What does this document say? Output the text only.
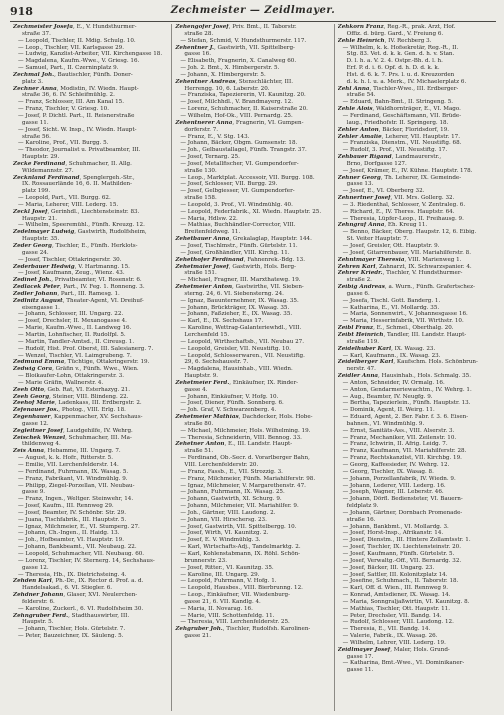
918	Zechmeister — Zeidlmayer.
Zechmeister Josefa, E., V. Hundsthurmer-
straße 37.
— Leopold, Tischler, II. Mdig. Schulg. 10.
— Leop., Tischler, VII. Karlsgasse 29.
— Ludwig, Kanzlist-Arbeiter, VII. Kirchengasse 18.
— Magdalena, Kaufm.-Wwe., V. Griesg. 16.
— Samuel, Part., II. Czerninplatz 9.
Zechmal Joh., Bautischler, Fünfh. Doner-
platz 3.
Zechner Anna, Modistin, IV. Wiedn. Haupt-
straße 36, 6. IV. Schleifmühlg. 2.
— Franz, Schlosser, III. Am Kanal 15.
— Franz, Tischler, V. Griesg. 10.
— Josef, P. Dichtl. Part., II. Reisnerstraße
gasse 11.
— Josef, Sicht. W. Insp., IV. Wiedn. Haupt-
straße 56.
— Karoline, Prof., VII. Burgg. 5.
— Theodor, Journalist u. Privatbeamter, III.
Hauptstr. 29.
Zecke Ferdinand, Schuhmacher, II. Allg.
Wildemannstr. 27.
Zecknland Ferdinand, Spenglergeh.-Str.,
IX. Rossauerlände 16, 6. II. Mathilden-
platz 199.
— Leopold, Part., VII. Burgg. 62.
— Maria, Leherer, VIII. Lederg. 15.
Zeckl Josef, Gerinhdl., Liechtensteinstr. 83.
Haupstr. 21.
— Wilhelm, Speeremühl., Fünfh. Kreuzg. 12.
Zedelmayer Ludwig, Gastwirth, Rudolfsheim,
Hauptstr. 35.
Zeder Georg, Tischler, E., Fünfh. Herklots-
gasse 24.
— Josef, Tischler, Ottakringerstr. 30.
Zederbauer Hedwig, V. Hartmanng. 15.
— Josef, Kaufmann, Zeug., Wienz. 43.
Zedinet Joh., Privatbeamter, VI. Rosenstr. 6.
Zedlacek Peter, Part., IV. Feg. 1. Ronneng. 3.
Zedler Johann, Part., III. Ramesg. 1.
Zedlnitz August, Theater-Agent, VI. Dreihuf-
eisengasse 1.
— Johann, Schlosser, III. Ungarg. 22.
— Josef, Drechsler, II. Mexanogasse 4.
— Marie, Kaufm.-Wwe., II. Landweg 16.
— Martin, Lohnfischer, II. Rudolfpl. 5.
— Martin, Tandler-Amtsd., II. Cireusg. 1.
— Rudolf, Hist. Prof. Oberst, III. Salesianerg. 7.
— Wenzel, Tischler, VI. Laimgrubeng. 7.
Zedmund Emma, Tüchtige, Ottakringerstr. 19.
Zedwig Cora, Gräfin v., Fünfh. Wwe., Wien.
— Bloikaufer-Lohn, Ottakringerstr. 3.
— Marie Gräfin, Wallnerstr. 4.
Zeeh Otto, Geb. Rat, VI. Esterhazyg. 21.
Zeeh Georg, Steiner, VIII. Blindeng. 22.
Zeehof Marie, Ladenkass, III. Erdbergstr. 2.
Zefenauer Jos., Photog., VIII. Erlg. 18.
Zegenhauer, Kappenmacher, XV. Sechshaus-
gasse 12.
Zegleitner Josef, Laudgehilfe, IV. Wehrg.
Zeischek Wenzel, Schuhmacher, III. Ma-
thildenweg 4.
Zeis Anna, Hebamme, III. Ungarg. 7.
— August, k. k. Hofr., Ritterstr. 5.
— Emilie, VII. Lerchenfelderstr. 14.
— Ferdinand, Fuhrmann, IX. Wasag. 5.
— Franz, Fabrikant, VI. Windmühlg. 9.
— Philipp, Ziegel-Porzellan, VII. Neubau-
gasse 9.
— Franz, Ingen., Weltger. Steinwehr, 14.
— Josef, Kaufm., III. Rennweg 29.
— Josef, Beamter, IV. Schönbr. Str. 29.
— Juana, Tischfabrik., III. Hauptstr. 5.
— Ignaz, Milchmeier, E., VI. Stumperg. 27.
— Johann, Ch.-Ingen., II. Haidg. 13.
— Joh., Hofbeamter, VI. Hauptstr. 19.
— Johann, Bankbeamt., VII. Neubaug. 22.
— Leopold, Schuhmacher, VII. Neubaug. 60.
— Lorenz, Tischler, IV. Sternerg. 14, Sechshaus-
gasse 12.
— Theresia, Hb., IX. Dietrichsteing. 4.
Zehden Karl, Ph.-Dr., IX. Rector d. Prof. a. d.
Handelsakad., 6. VI. Stiegler. 6.
Zehdner Johann, Glaser, XVI. Neulerchen-
felderstr. 6.
— Karoline, Zuckerl., 6. VI. Rudolfsheim 30.
Zehngruber Ferd., Stadthauswirter, III.
Haupstr. 5.
— Johann, Tischler, Hols. Gürtelstr. 7.
— Peter, Bauzeichner, IX. Säuleng. 5.
Zehengofer Josef, Priv. Bmt., II. Taborstr.
straße 28.
— Stefan, Schmid, V. Hundsthurmerstr. 117.
Zehentner J., Gastwirth, VII. Spittelberg-
gasse 16.
— Elisabeth, Fragnerin, X. Canalweg 60.
— Joh. 2. Bmt., X. Himbergerstr. 5.
— Johann, X. Himbergerstr. 5.
Zehentner Andreas, Stenschlächter, III.
Herrengg. 10, 6. Laberstr. 20.
— Franziska, Tapeziererin, VI. Kaunitzg. 20.
— Josef, Milchhdl., V. Brandmayerg. 12.
— Lorenz, Schuhmacher, II. Kaiserstraße 20.
— Wilhelm, Hof-Ok., VIII. Pernardg. 25.
Zehentnerer Anna, Fragnerin, VI. Gumpen-
dorferstr. 7.
— Franz, E., V. Stg. 143.
— Johann, Bäcker, Obgm. Gumsenstr. 18.
— Joh., Gelbaustallagel, Fünfh. Trangstr. 37.
— Josef, Ternarg. 25.
— Josef, Metallfischer, VI. Gumpendorfer-
straße 130.
— Leop., Marktplat. Accessoir, VII. Burgg. 108.
— Josef, Schlosser, VII. Burgg. 29.
— Josef, Gelbgiesser, VI. Gumpendorfer-
straße 158.
— Leopold, 3. Prof., VI. Windmühlg. 40.
— Leopold, Federfabrik., XI. Wiedn. Hauptstr. 25.
— Maria, Hdlsw. 22.
— Mathias, Buchhändler-Corrector, VIII.
Breitenfeldweg. 11.
Zehetbauer Anna, Grekalaglap, Hauptstr. 144.
— Josef, Tischlmstr., Fünfh. Gürtelstr. 11.
— Josef, Großhändler, VIII. Kirchg. 11.
Zehethofer Ferdinand, Fahnenrek.-Bdg. 13.
Zehetmaier Josef, Gastwirth, Hols. Berg-
straße 151.
— Michael, Fragner, III. Marxthatewg. 19.
Zehetmeier Anton, Gastwirthe, VII. Sieben-
sterng. 24, 6. VI. Siebensterng. 24.
— Ignaz, Bauunternehmer, IX. Wasag. 35.
— Johann, Brückträger, IX. Wasag. 35.
— Johann, Faßzieher, E., IX. Wasag. 35.
— Karl, E., IX. Sechshaus 17.
— Karoline, Wettrag-Galanteriewhdl., VIII.
Lerchenfeld 15.
— Leopold, Wirthschaftsb., VII. Neubau 27.
— Leopold, Greisler, VII. Neustiftg. 10.
— Leopold, Schlosserwaren., VII. Neustiftg.
29, 6. Sechshausstr. 7.
— Magdalena, Hausinhab., VIII. Wiedn.
Hauptstr. 9.
Zehetmeier Ferd., Einkäufner, IX. Rinder-
gasse 4.
— Johann, Einkäufner, V. Hofg. 10.
— Josef, Diener, Fünfh. Sonnberg. 6.
— Joh. Graf, V. Schwarzenberg. 4.
Zehetmeier Mathias, Dachdecker, Hols. Hobe-
straße 80.
— Michael, Milchmeier, Hols. Wilhelming. 19.
— Theresia, Schneiderin, VIII. Bennog. 33.
Zehetner Anton, E., III. Landstr. Haupt-
straße 51.
— Ferdinand, Ob.-Secr. d. Vorarlberger Bahn,
VIII. Lerchenfelderstr. 20.
— Franz, Fassb., E., VII. Strozzig. 3.
— Franz, Milchmeier, Fünfh. Mariahilferstr. 98.
— Ignaz, Milchmeier, V. Margarethenstr. 47.
— Johann, Fuhrmann, IX. Wasag. 25.
— Johann, Gastwirth, XI. Schurg. 9.
— Johann, Milchmeier, VII. Mariahilfer. 9.
— Joh., Gärtner, VIII. Laudong. 2.
— Johann, VII. Hirschersg. 23.
— Josef, Gastwirth, VII. Spittelbergg. 10.
— Josef, Wirth, VI. Kaunitzg. 2.
— Josef, E. V. Windmühlg. 3.
— Karl, Wirtschafts-Adj., Tandelmarktg. 2.
— Karl, Kohlenstabmann, IX. Röhl. Schön-
brunnerstr. 23.
— Josef, Ritter., VI. Kaunitzg. 35.
— Karoline, III. Ungarg. 29.
— Leopold, Fuhrmann, V. Hofg. 1.
— Leopold, Hausbes., VIII. Bierbrunng. 12.
— Leop., Einkäufner, VII. Wiedenburg-
gasse 21, 6. VII. Kandlg. 4.
— Maria, II. Novarag. 16.
— Marie, VIII. Schottenfeldg. 11.
— Theresia, VIII. Lerchenfelderstr. 25.
Zehgruber Joh., Tischler, Rudolfsh. Karolinen-
gasse 21.
Zehkorn Franz, Reg.-R., prak. Arzt, Hof.
Offiz. d. bürg. Gard., V. Freiung 6.
Zehle Heinrich, IV. Rechberg 3.
— Wilhelm, k. k. Hofsekretär, Reg.-R., II.
Stg. 83. Vet. d. k. k. Gen. d. h. v. Stan.
D. l. h. a. V. 2. 4. Ostpr.-Bh. d. l. h.
Erf. P. d. i. 6. Opf. d. h. D. d. k. k.
Hst. d. 6. k. 7. Prs. l. u. d. Kreuzorden
d. k. h. l. u. a. Merk., IV. Michaelerplatz 6.
Zehl Anna, Tischler-Wwe., III. Erdberger-
straße 54.
— Eduard, Bahn-Bmt., II. Stringeng. 5.
Zehle Alois, Waldhornträger, E., VI. Mago.
— Ferdinand, Geschäftsmann, VII. Brüde-
laug., Friedhofstr. II. Springerg. 18.
Zehler Anton, Bäcker, Floridsdorf, 19.
Zehler Amalie, Leherer, VII. Hauptstr. 17.
— Franziska, Dienstm., VII. Neustiftg. 68.
— Rudolf, 3. Prof., VII. Neustiftg. 17.
Zehbauer Rigand, Landmaurerstr.,
Brno, Dorfgasse 127.
— Josef, Krämer, E., IV. Kühne. Hauptstr. 178.
Zehner Georg, Th. Leherer, IX. Gemeinde-
gasse 13.
— Josef, E., VI. Oberberg 32.
Zehnertner Josef, VII. Mrs. Gollerg. 32.
— 3. Riedenthal, Schlosser, V. Zentraleg. 6.
— Richard, E., IV. Theres. Hauptstr. 64.
— Theresia, Lüpfer-Leop., II. Freihausg. 9.
Zehngraf Anna, Eh. Kreug 11.
— Benno, Bäcker, Oberg. Haupstr. 12, 6. Eibig.
St. Veiter Hauptstr. 7.
— Josef, Greisler, Ott. Hauptstr. 9.
— Josef, Gitarrenbauer, VII. Mariahilferstr. 8.
Zehntmayer Theresia, VIII. Marienweg 1.
Zehren Karl, Zahnarzt, IX. Schwarzspanier. 4.
Zehrer Kriedr., Tischler, V. Hundsthurmer-
straße 2.
Zeibig Andreas, a. Wurn., Fünfh. Grafertschez-
gasse 6.
— Josefa, Tischl. Gott. Banderg. 1.
— Katharina, E., VI. Mollardg. 35.
— Maria, Sonnenwirt., V. Johannesgasse 16.
— Maria, Hesserinfabrik, VII. Wirthstr. 10.
Zeibl Franz, E., Schmel., Oberthalg. 20.
Zeibt Heinrich, Tandler, III. Landstr. Haupt-
straße 119.
Zeidelhuber Karl, IX. Wasag. 23.
— Karl, Kaufmann., IX. Wasag. 23.
Zeidelberger Karl, Kaufschm. Hols. Schönbrun-
nerstr. 47.
Zeidler Anna, Hausinhab., Hols. Schmalg. 35.
— Anton, Schneider, IV. Ormalg. 16.
— Anton, Gendarmeriewachtm., IV. Wehrg. 1.
— Aug., Beamter, IV. Neugfg. 9.
— Bertha, Tapezierlein., Fünfh. Hauptstr. 13.
— Dominik, Agent, II. Weirg. 11.
— Eduard, Agent, 2. Ber. Fabr. f. 3. 6. Eisen-
bahnen., VI. Windmühlg. 9.
— Ernst, Sanitäts-Ass., VIII. Alserstr. 3.
— Franz, Mechaniker, VII. Zeilenstr. 10.
— Franz, Ichwirin, II. Afrig. Leidg. 7.
— Franz, Kaufmann, VII. Mariahilferstr. 28.
— Franz, Rechtskanzlist, VII. Kirchbg. 19.
— Georg, Kaffeesieder, IV. Wehrg. 12.
— Georg, Tischler, IX. Wasag. 8.
— Johann, Porzellanfabrik, IV. Wiedn. 9.
— Johann, Lederer, VIII. Lederg. 16.
— Joseph, Wagner, III. Leberstr. 46.
— Johann, Dörfl. Bediensteter, VI. Bauern-
feldplatz 9.
— Johann, Gärtner, Dornbach Promenade-
straße 16.
— Johann, Bankbmt., VI. Mollardg. 3.
— Josef, Horst-Insp., Afrikanstr. 14.
— Josef, Dienstm., III. Hintere Zollamtsstr. 1.
— Josef, Tischler, IX. Liechtensteinstr. 20.
— Josef, Kaufmann, Fünfh. Gürtelstr. 5.
— Josef, Verwaltg.-Off., VII. Bernardg. 32.
— Josef, Bäcker, III. Ungarg. 23.
— Josef, Sattler, III. Kolonitzplatz 14.
— Josefine, Schuhmach., II. Taborstr. 18.
— Karl, Off. d. Wien., III. Rennweg 9.
— Konrad, Amtsdiener, IX. Wasag. 14.
— Maria, Sonngraljaßwirtin, VI. Kaunitzg. 8.
— Mathias, Tischler, Ott. Haupstr. 11.
— Peter, Drechsler, VII. Bandg. 14.
— Rudolf, Schlosser, VIII. Laudong. 12.
— Theresia, E., VII. Bandg. 14.
— Valerie, Fabrik., IX. Wasag. 26.
— Wilhelm, Lehrer, VIII. Lederg. 19.
Zeidlmayer Josef, Maler, Hols. Grund-
gasse 17.
— Katharina, Bmt.-Wwe., VI. Dominikaner-
gasse 11.
